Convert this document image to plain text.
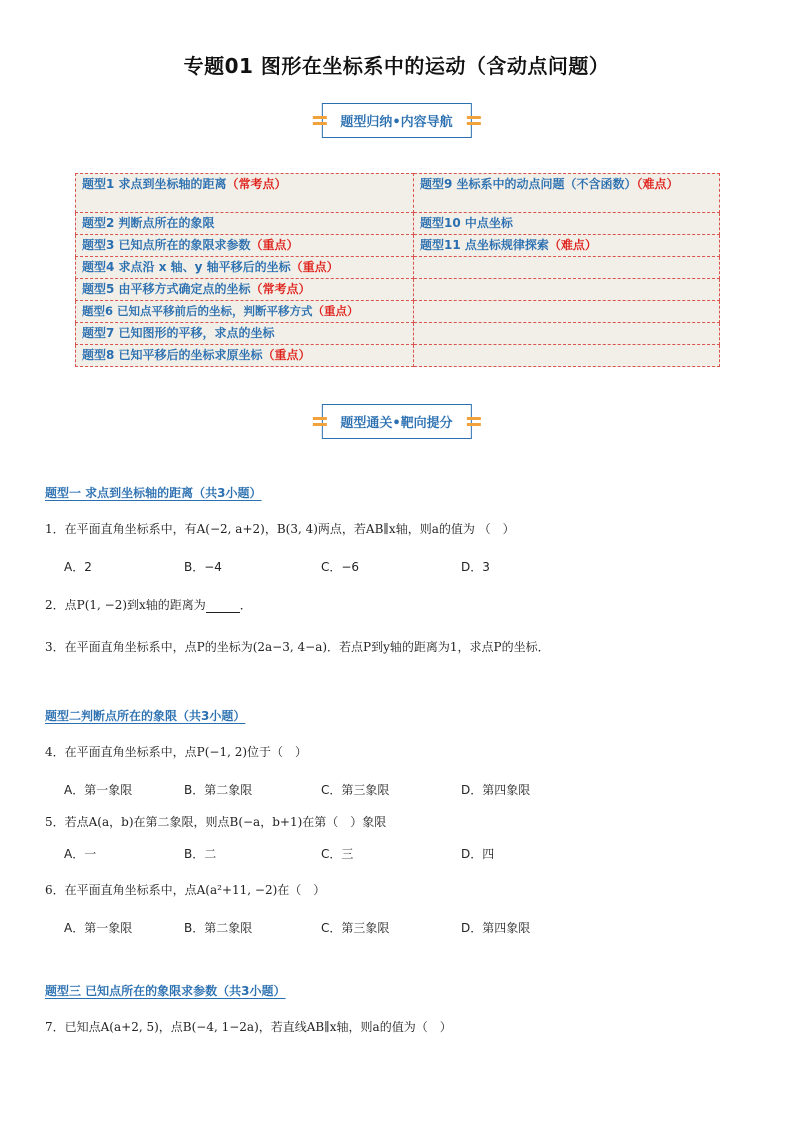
专题01 图形在坐标系中的运动（含动点问题）
题型归纳•内容导航
题型1 求点到坐标轴的距离（常考点）	题型9 坐标系中的动点问题（不含函数）（难点）
题型2 判断点所在的象限	题型10 中点坐标
题型3 已知点所在的象限求参数（重点）	题型11 点坐标规律探索（难点）
题型4 求点沿 x 轴、y 轴平移后的坐标（重点）	
题型5 由平移方式确定点的坐标（常考点）	
题型6 已知点平移前后的坐标，判断平移方式（重点）	
题型7 已知图形的平移，求点的坐标	
题型8 已知平移后的坐标求原坐标（重点）	
题型通关•靶向提分
题型一 求点到坐标轴的距离（共3小题）
1．在平面直角坐标系中，有A(−2, a+2)，B(3, 4)两点，若AB∥x轴，则a的值为 （　）
A．2	B．−4	C．−6	D．3
2．点P(1, −2)到x轴的距离为	．
3．在平面直角坐标系中，点P的坐标为(2a−3, 4−a)．若点P到y轴的距离为1，求点P的坐标．
题型二判断点所在的象限（共3小题）
4．在平面直角坐标系中，点P(−1, 2)位于（　）
A．第一象限	B．第二象限	C．第三象限	D．第四象限
5．若点A(a，b)在第二象限，则点B(−a，b+1)在第（　）象限
A．一	B．二	C．三	D．四
6．在平面直角坐标系中，点A(a²+11, −2)在（　）
A．第一象限	B．第二象限	C．第三象限	D．第四象限
题型三 已知点所在的象限求参数（共3小题）
7．已知点A(a+2, 5)，点B(−4, 1−2a)，若直线AB∥x轴，则a的值为（　）
